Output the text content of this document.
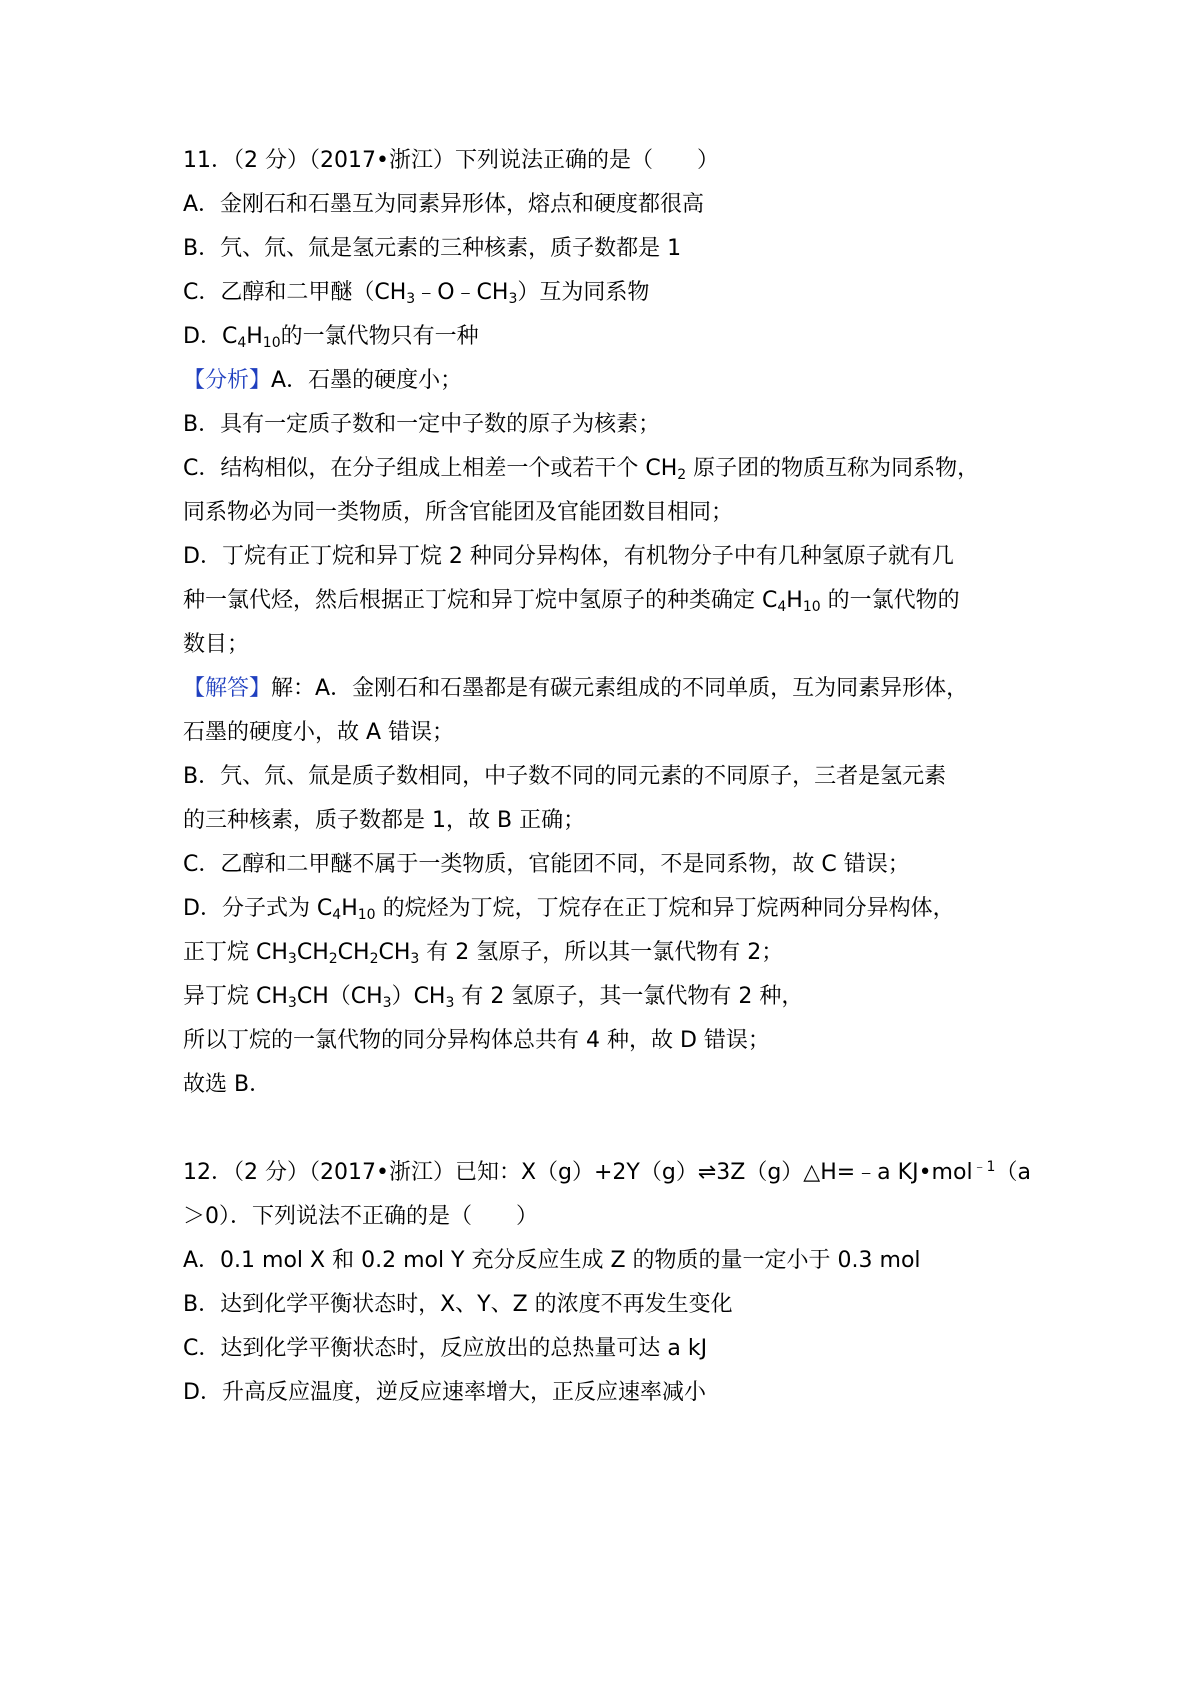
11．（2 分）（2017•浙江）下列说法正确的是（　　）
A．金刚石和石墨互为同素异形体，熔点和硬度都很高
B．氕、氘、氚是氢元素的三种核素，质子数都是 1
C．乙醇和二甲醚$(CH_3﹣O﹣CH_3)$互为同系物
D．$C_4H_{10}$的一氯代物只有一种
【分析】A．石墨的硬度小；
B．具有一定质子数和一定中子数的原子为核素；
C．结构相似，在分子组成上相差一个或若干个 $CH_2$ 原子团的物质互称为同系物，
同系物必为同一类物质，所含官能团及官能团数目相同；
D．丁烷有正丁烷和异丁烷 2 种同分异构体，有机物分子中有几种氢原子就有几
种一氯代烃，然后根据正丁烷和异丁烷中氢原子的种类确定 $C_4H_{10}$ 的一氯代物的
数目；
【解答】解：A．金刚石和石墨都是有碳元素组成的不同单质，互为同素异形体，
石墨的硬度小，故 A 错误；
B．氕、氘、氚是质子数相同，中子数不同的同元素的不同原子，三者是氢元素
的三种核素，质子数都是 1，故 B 正确；
C．乙醇和二甲醚不属于一类物质，官能团不同，不是同系物，故 C 错误；
D．分子式为 $C_4H_{10}$ 的烷烃为丁烷，丁烷存在正丁烷和异丁烷两种同分异构体，
正丁烷 $CH_3CH_2CH_2CH_3$ 有 2 氢原子，所以其一氯代物有 2；
异丁烷 $CH_3CH(CH_3)CH_3$ 有 2 氢原子，其一氯代物有 2 种，
所以丁烷的一氯代物的同分异构体总共有 4 种，故 D 错误；
故选 B．
12．（2 分）（2017•浙江）已知：X（g）+2Y（g）⇌3Z（g）△H=﹣a KJ•mol$^{﹣1}$（a
＞0）．下列说法不正确的是（　　）
A．0.1 mol X 和 0.2 mol Y 充分反应生成 Z 的物质的量一定小于 0.3 mol
B．达到化学平衡状态时，X、Y、Z 的浓度不再发生变化
C．达到化学平衡状态时，反应放出的总热量可达 a kJ
D．升高反应温度，逆反应速率增大，正反应速率减小
